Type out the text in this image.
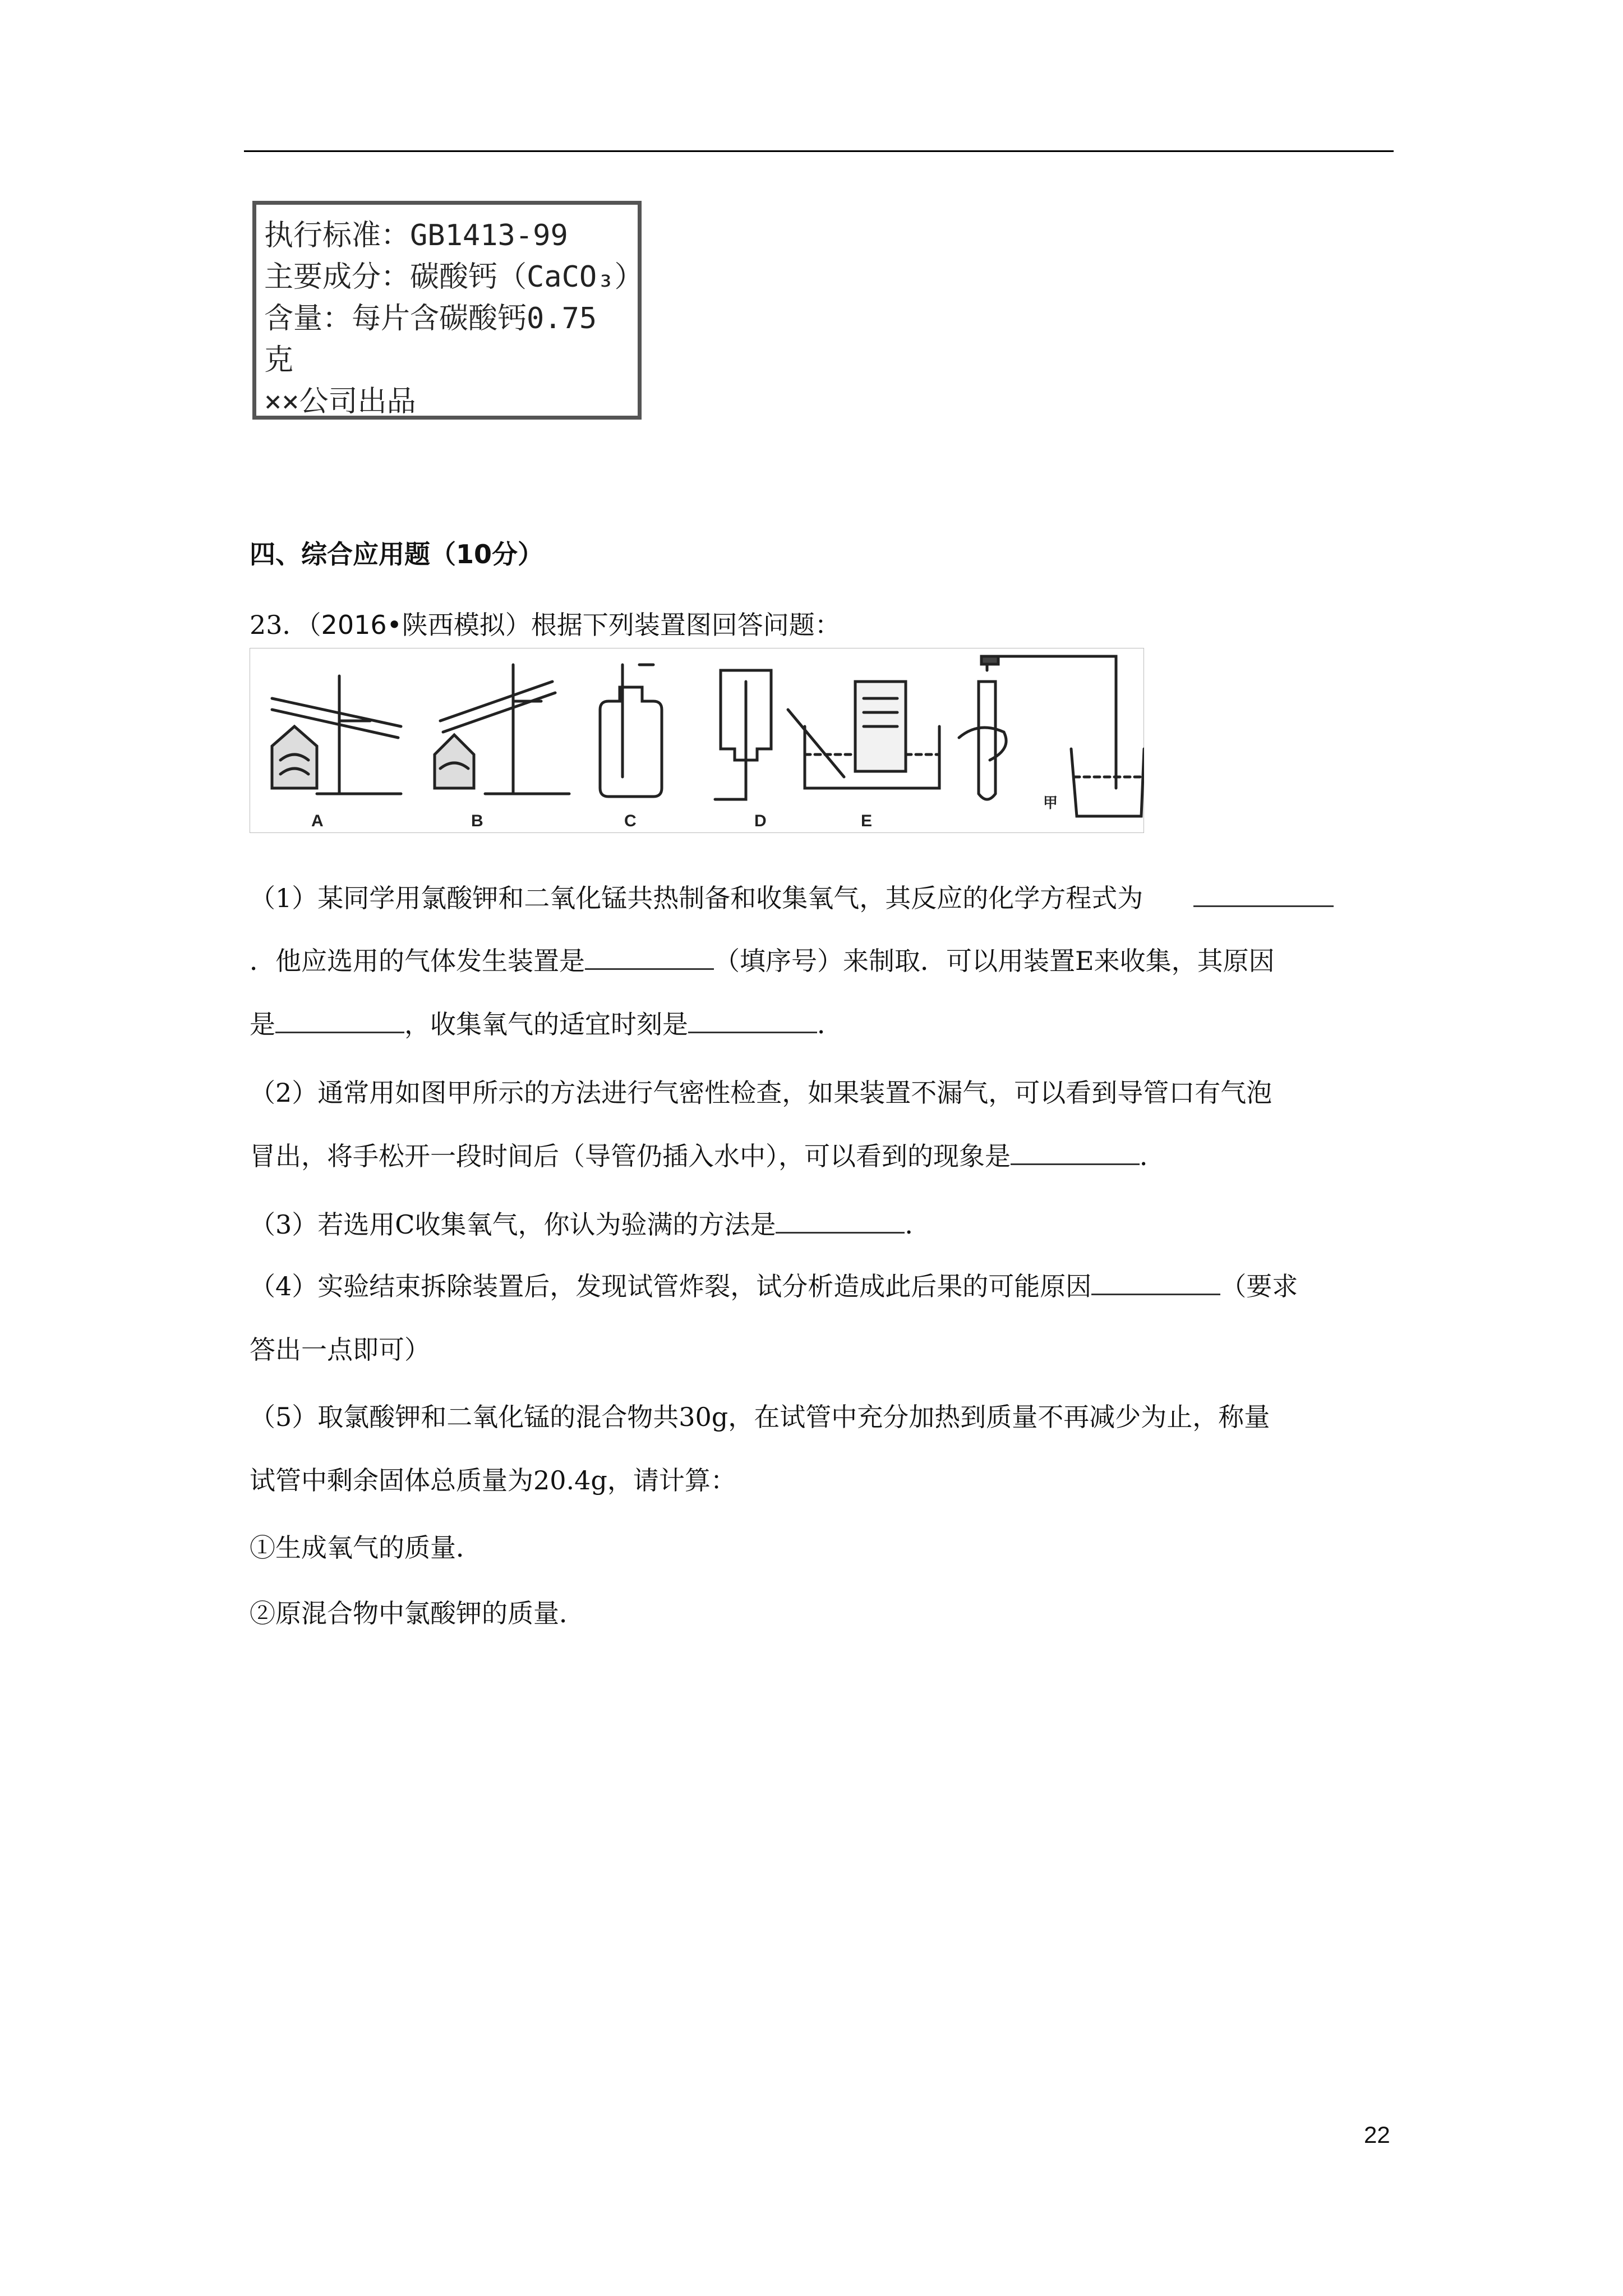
执行标准：GB1413-99
主要成分：碳酸钙（CaCO₃）
含量：每片含碳酸钙0.75
克
××公司出品
四、综合应用题（10分）
23．（2016•陕西模拟）根据下列装置图回答问题：
A	B	C	D	E
甲
（1）某同学用氯酸钾和二氧化锰共热制备和收集氧气，其反应的化学方程式为
．他应选用的气体发生装置是	（填序号）来制取．可以用装置E来收集，其原因
是	，收集氧气的适宜时刻是	．
（2）通常用如图甲所示的方法进行气密性检查，如果装置不漏气，可以看到导管口有气泡
冒出，将手松开一段时间后（导管仍插入水中），可以看到的现象是	．
（3）若选用C收集氧气，你认为验满的方法是	．
（4）实验结束拆除装置后，发现试管炸裂，试分析造成此后果的可能原因	（要求
答出一点即可）
（5）取氯酸钾和二氧化锰的混合物共30g，在试管中充分加热到质量不再减少为止，称量
试管中剩余固体总质量为20.4g，请计算：
①生成氧气的质量．
②原混合物中氯酸钾的质量．
22
